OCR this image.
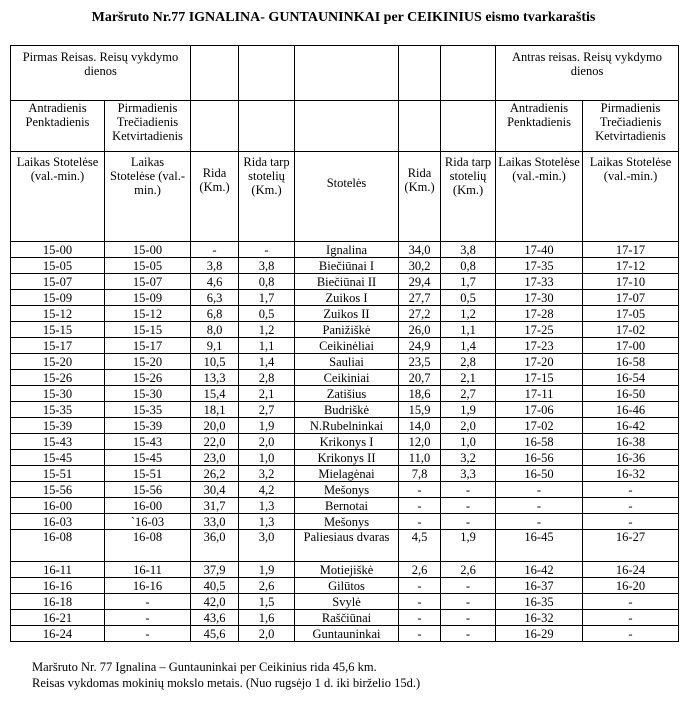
Maršruto Nr.77 IGNALINA- GUNTAUNINKAI per CEIKINIUS eismo tvarkaraštis
Pirmas Reisas. Reisų vykdymo dienos							Antras reisas. Reisų vykdymo dienos	
Antradienis Penktadienis	Pirmadienis Trečiadienis Ketvirtadienis						Antradienis Penktadienis	Pirmadienis Trečiadienis Ketvirtadienis
Laikas Stotelėse (val.-min.)	Laikas Stotelėse (val.-min.)	Rida (Km.)	Rida tarp stotelių (Km.)	Stotelės	Rida (Km.)	Rida tarp stotelių (Km.)	Laikas Stotelėse (val.-min.)	Laikas Stotelėse (val.-min.)
15-00	15-00	-	-	Ignalina	34,0	3,8	17-40	17-17
15-05	15-05	3,8	3,8	Biečiūnai I	30,2	0,8	17-35	17-12
15-07	15-07	4,6	0,8	Biečiūnai II	29,4	1,7	17-33	17-10
15-09	15-09	6,3	1,7	Zuikos I	27,7	0,5	17-30	17-07
15-12	15-12	6,8	0,5	Zuikos II	27,2	1,2	17-28	17-05
15-15	15-15	8,0	1,2	Panižiškė	26,0	1,1	17-25	17-02
15-17	15-17	9,1	1,1	Ceikinėliai	24,9	1,4	17-23	17-00
15-20	15-20	10,5	1,4	Sauliai	23,5	2,8	17-20	16-58
15-26	15-26	13,3	2,8	Ceikiniai	20,7	2,1	17-15	16-54
15-30	15-30	15,4	2,1	Zatišius	18,6	2,7	17-11	16-50
15-35	15-35	18,1	2,7	Budriškė	15,9	1,9	17-06	16-46
15-39	15-39	20,0	1,9	N.Rubelninkai	14,0	2,0	17-02	16-42
15-43	15-43	22,0	2,0	Krikonys I	12,0	1,0	16-58	16-38
15-45	15-45	23,0	1,0	Krikonys II	11,0	3,2	16-56	16-36
15-51	15-51	26,2	3,2	Mielagėnai	7,8	3,3	16-50	16-32
15-56	15-56	30,4	4,2	Mešonys	-	-	-	-
16-00	16-00	31,7	1,3	Bernotai	-	-	-	-
16-03	`16-03	33,0	1,3	Mešonys	-	-	-	-
16-08	16-08	36,0	3,0	Paliesiaus dvaras	4,5	1,9	16-45	16-27
16-11	16-11	37,9	1,9	Motiejiškė	2,6	2,6	16-42	16-24
16-16	16-16	40,5	2,6	Gilūtos	-	-	16-37	16-20
16-18	-	42,0	1,5	Svylė	-	-	16-35	-
16-21	-	43,6	1,6	Raščiūnai	-	-	16-32	-
16-24	-	45,6	2,0	Guntauninkai	-	-	16-29	-
Maršruto Nr. 77 Ignalina – Guntauninkai per Ceikinius rida 45,6 km.
Reisas vykdomas mokinių mokslo metais. (Nuo rugsėjo 1 d. iki birželio 15d.)
